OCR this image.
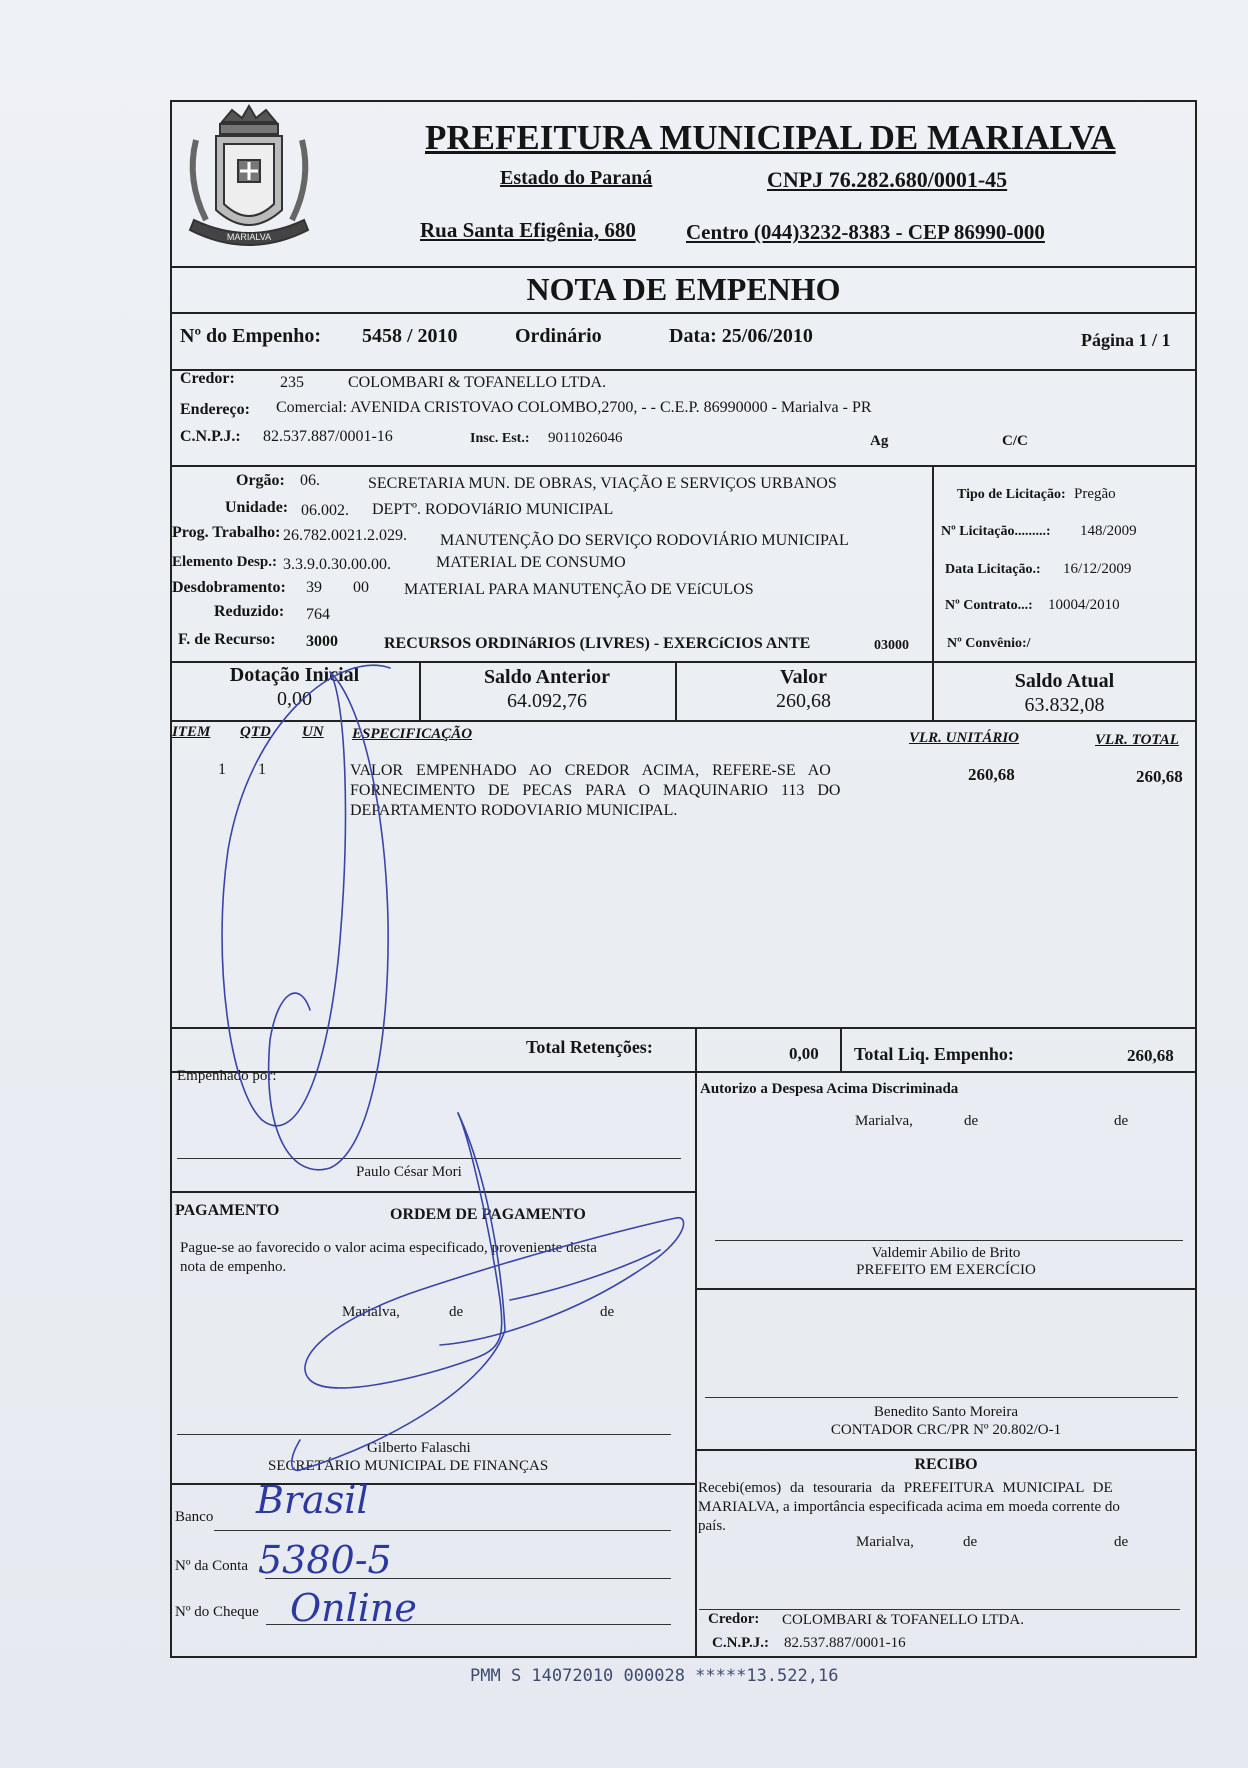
MARIALVA
PREFEITURA MUNICIPAL DE MARIALVA
Estado do Paraná	CNPJ 76.282.680/0001-45
Rua Santa Efigênia, 680 Centro (044)3232-8383 - CEP 86990-000
NOTA DE EMPENHO
Nº do Empenho: 5458 / 2010	Ordinário	Data: 25/06/2010	Página 1 / 1
Credor:	235	COLOMBARI & TOFANELLO LTDA.
Endereço: Comercial: AVENIDA CRISTOVAO COLOMBO,2700, - - C.E.P. 86990000 - Marialva - PR
C.N.P.J.: 82.537.887/0001-16	Insc. Est.: 9011026046	Ag	C/C
Orgão: 06.	SECRETARIA MUN. DE OBRAS, VIAÇÃO E SERVIÇOS URBANOS
Unidade: 06.002. DEPTº. RODOVIáRIO MUNICIPAL
Prog. Trabalho: 26.782.0021.2.029. MANUTENÇÃO DO SERVIÇO RODOVIÁRIO MUNICIPAL
Elemento Desp.: 3.3.9.0.30.00.00.	MATERIAL DE CONSUMO
Desdobramento: 39 00 MATERIAL PARA MANUTENÇÃO DE VEíCULOS
Reduzido: 764
F. de Recurso: 3000	RECURSOS ORDINáRIOS (LIVRES) - EXERCíCIOS ANTE	03000
Tipo de Licitação: Pregão
Nº Licitação.........: 148/2009
Data Licitação.: 16/12/2009
Nº Contrato...: 10004/2010
Nº Convênio:/
Dotação Inicial
0,00
Saldo Anterior
64.092,76
Valor
260,68
Saldo Atual
63.832,08
ITEM QTD UN ESPECIFICAÇÃO	VLR. UNITÁRIO	VLR. TOTAL
1 1	VALOR EMPENHADO AO CREDOR ACIMA, REFERE-SE AO
FORNECIMENTO DE PECAS PARA O MAQUINARIO 113 DO
DEPARTAMENTO RODOVIARIO MUNICIPAL.
260,68	260,68
Total Retenções:	0,00 Total Liq. Empenho:	260,68
Empenhado por:
Paulo César Mori
Autorizo a Despesa Acima Discriminada
Marialva,	de	de
Valdemir Abilio de Brito
PREFEITO EM EXERCÍCIO
PAGAMENTO	ORDEM DE PAGAMENTO
Pague-se ao favorecido o valor acima especificado, proveniente desta
nota de empenho.
Marialva,	de	de
Gilberto Falaschi
SECRETÁRIO MUNICIPAL DE FINANÇAS
Banco Brasil
Nº da Conta 5380-5
Nº do Cheque Online
Benedito Santo Moreira
CONTADOR CRC/PR Nº 20.802/O-1
RECIBO
Recebi(emos) da tesouraria da PREFEITURA MUNICIPAL DE
MARIALVA, a importância especificada acima em moeda corrente do
país.
Marialva,	de	de
Credor: COLOMBARI & TOFANELLO LTDA.
C.N.P.J.: 82.537.887/0001-16
PMM S 14072010 000028 *****13.522,16
